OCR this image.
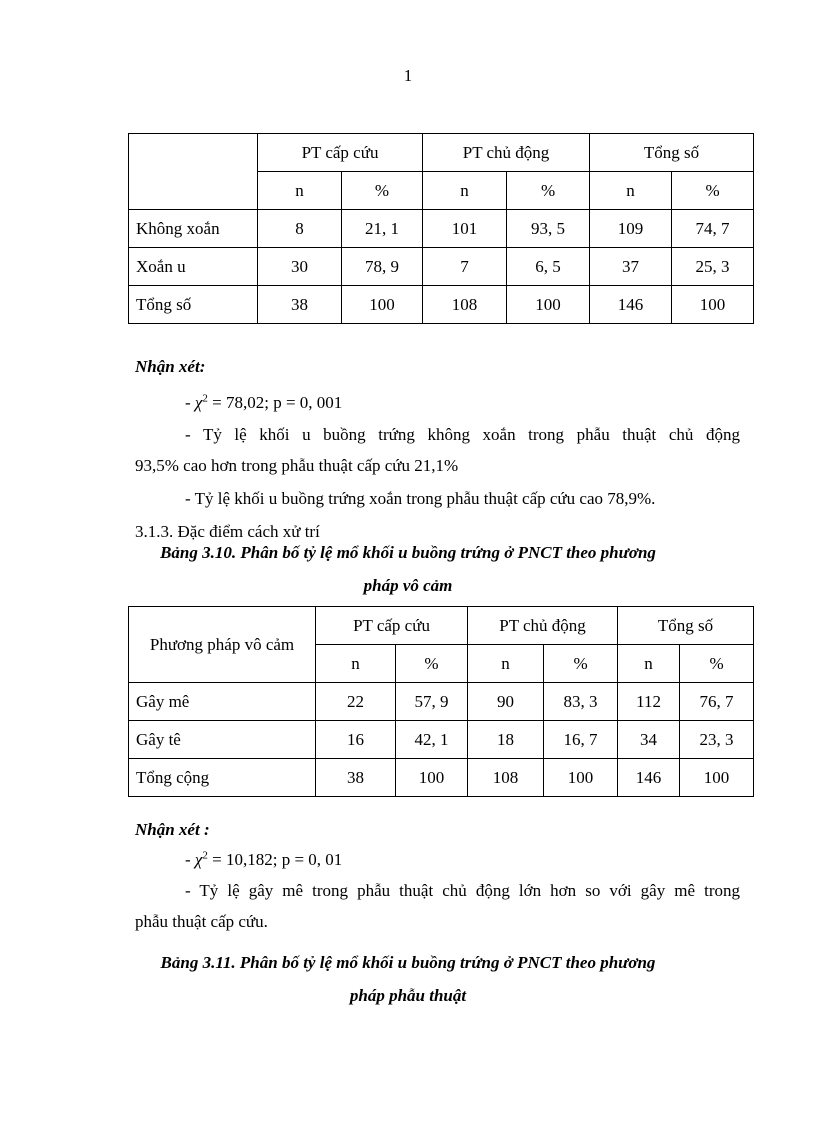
1
	PT cấp cứu		PT chủ động		Tổng số	
	n	%	n	%	n	%
Không xoắn	8	21, 1	101	93, 5	109	74, 7
Xoắn u	30	78, 9	7	6, 5	37	25, 3
Tổng số	38	100	108	100	146	100
Nhận xét:
- $\chi^2 = 78,02$; p = 0, 001
- Tỷ lệ khối u buồng trứng không xoắn trong phẫu thuật chủ động
93,5% cao hơn trong phẫu thuật cấp cứu 21,1%
- Tỷ lệ khối u buồng trứng xoắn trong phẫu thuật cấp cứu cao 78,9%.
3.1.3. Đặc điểm cách xử trí
Bảng 3.10. Phân bố tỷ lệ mổ khối u buồng trứng ở PNCT theo phương
pháp vô cảm
Phương pháp vô cảm	PT cấp cứu		PT chủ động		Tổng số	
	n	%	n	%	n	%
Gây mê	22	57, 9	90	83, 3	112	76, 7
Gây tê	16	42, 1	18	16, 7	34	23, 3
Tổng cộng	38	100	108	100	146	100
Nhận xét :
- $\chi^2 = 10,182$; p = 0, 01
- Tỷ lệ gây mê trong phẫu thuật chủ động lớn hơn so với gây mê trong
phẫu thuật cấp cứu.
Bảng 3.11. Phân bố tỷ lệ mổ khối u buồng trứng ở PNCT theo phương
pháp phẫu thuật
